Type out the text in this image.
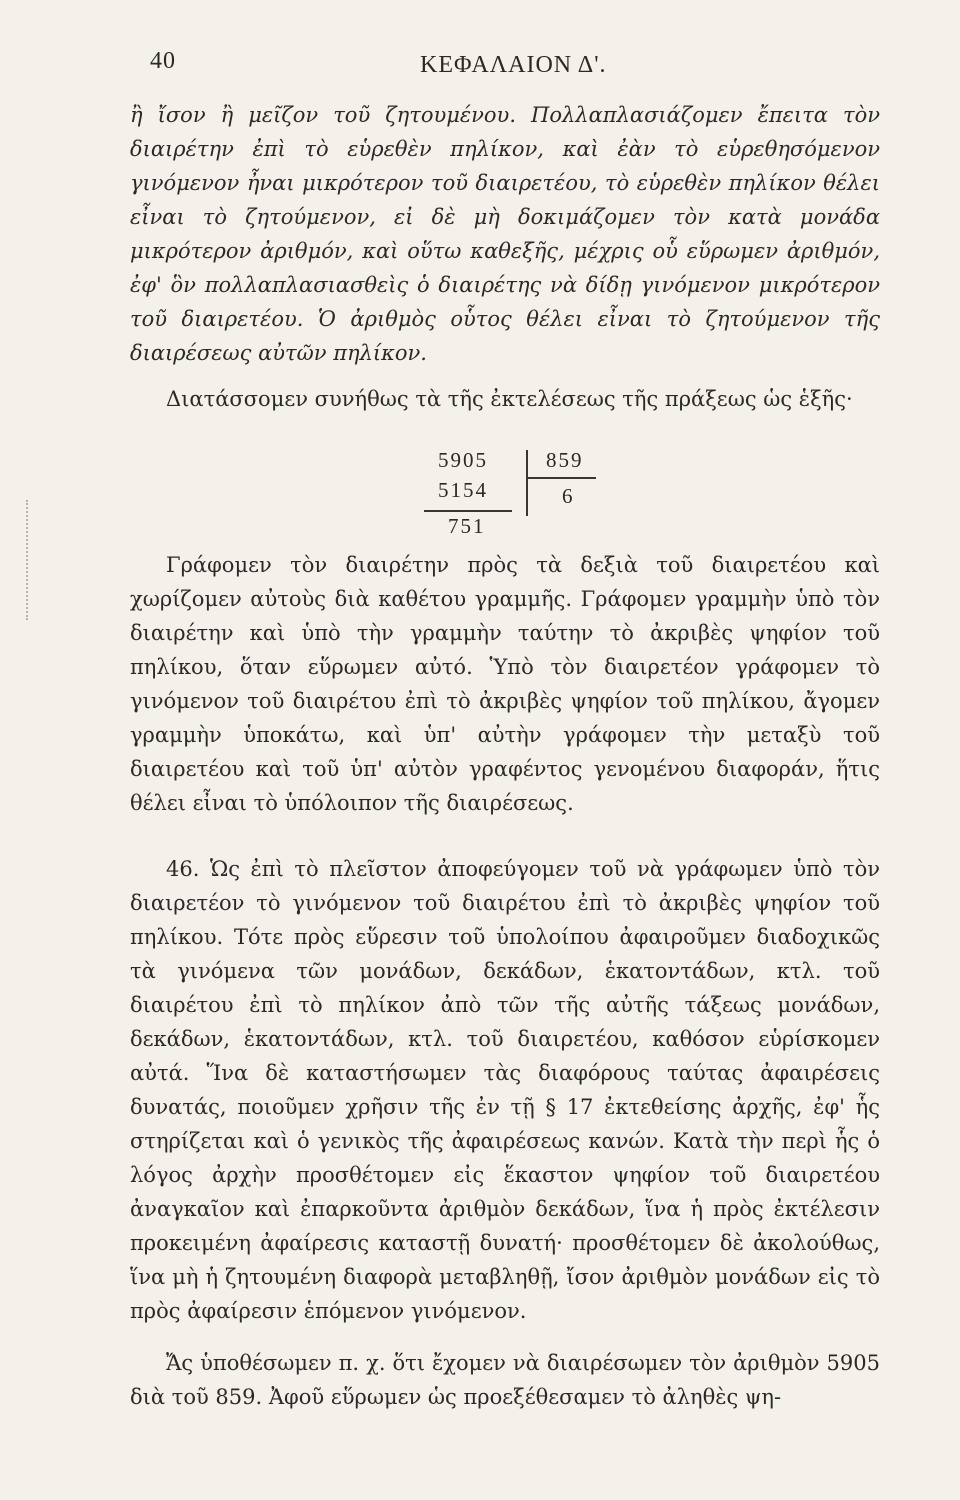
40	ΚΕΦΑΛΑΙΟΝ Δ'.

ἢ ἴσον ἢ μεῖζον τοῦ ζητουμένου. Πολλαπλασιάζομεν ἔπειτα τὸν διαιρέτην ἐπὶ τὸ εὑρεθὲν πηλίκον, καὶ ἐὰν τὸ εὑρεθησόμενον γινόμενον ἦναι μικρότερον τοῦ διαιρετέου, τὸ εὑρεθὲν πηλίκον θέλει εἶναι τὸ ζητούμενον, εἰ δὲ μὴ δοκιμάζομεν τὸν κατὰ μονάδα μικρότερον ἀριθμόν, καὶ οὕτω καθεξῆς, μέχρις οὗ εὕρωμεν ἀριθμόν, ἐφ' ὃν πολλαπλασιασθεὶς ὁ διαιρέτης νὰ δίδῃ γινόμενον μικρότερον τοῦ διαιρετέου. Ὁ ἀριθμὸς οὗτος θέλει εἶναι τὸ ζητούμενον τῆς διαιρέσεως αὐτῶν πηλίκον.

Διατάσσομεν συνήθως τὰ τῆς ἐκτελέσεως τῆς πράξεως ὡς ἑξῆς·

5905
5154
751
859
6

Γράφομεν τὸν διαιρέτην πρὸς τὰ δεξιὰ τοῦ διαιρετέου καὶ χωρίζομεν αὐτοὺς διὰ καθέτου γραμμῆς. Γράφομεν γραμμὴν ὑπὸ τὸν διαιρέτην καὶ ὑπὸ τὴν γραμμὴν ταύτην τὸ ἀκριβὲς ψηφίον τοῦ πηλίκου, ὅταν εὕρωμεν αὐτό. Ὑπὸ τὸν διαιρετέον γράφομεν τὸ γινόμενον τοῦ διαιρέτου ἐπὶ τὸ ἀκριβὲς ψηφίον τοῦ πηλίκου, ἄγομεν γραμμὴν ὑποκάτω, καὶ ὑπ' αὐτὴν γράφομεν τὴν μεταξὺ τοῦ διαιρετέου καὶ τοῦ ὑπ' αὐτὸν γραφέντος γενομένου διαφοράν, ἥτις θέλει εἶναι τὸ ὑπόλοιπον τῆς διαιρέσεως.

46. Ὡς ἐπὶ τὸ πλεῖστον ἀποφεύγομεν τοῦ νὰ γράφωμεν ὑπὸ τὸν διαιρετέον τὸ γινόμενον τοῦ διαιρέτου ἐπὶ τὸ ἀκριβὲς ψηφίον τοῦ πηλίκου. Τότε πρὸς εὕρεσιν τοῦ ὑπολοίπου ἀφαιροῦμεν διαδοχικῶς τὰ γινόμενα τῶν μονάδων, δεκάδων, ἑκατοντάδων, κτλ. τοῦ διαιρέτου ἐπὶ τὸ πηλίκον ἀπὸ τῶν τῆς αὐτῆς τάξεως μονάδων, δεκάδων, ἑκατοντάδων, κτλ. τοῦ διαιρετέου, καθόσον εὑρίσκομεν αὐτά. Ἵνα δὲ καταστήσωμεν τὰς διαφόρους ταύτας ἀφαιρέσεις δυνατάς, ποιοῦμεν χρῆσιν τῆς ἐν τῇ § 17 ἐκτεθείσης ἀρχῆς, ἐφ' ἧς στηρίζεται καὶ ὁ γενικὸς τῆς ἀφαιρέσεως κανών. Κατὰ τὴν περὶ ἧς ὁ λόγος ἀρχὴν προσθέτομεν εἰς ἕκαστον ψηφίον τοῦ διαιρετέου ἀναγκαῖον καὶ ἐπαρκοῦντα ἀριθμὸν δεκάδων, ἵνα ἡ πρὸς ἐκτέλεσιν προκειμένη ἀφαίρεσις καταστῇ δυνατή· προσθέτομεν δὲ ἀκολούθως, ἵνα μὴ ἡ ζητουμένη διαφορὰ μεταβληθῇ, ἴσον ἀριθμὸν μονάδων εἰς τὸ πρὸς ἀφαίρεσιν ἑπόμενον γινόμενον.

Ἄς ὑποθέσωμεν π. χ. ὅτι ἔχομεν νὰ διαιρέσωμεν τὸν ἀριθμὸν 5905 διὰ τοῦ 859. Ἀφοῦ εὕρωμεν ὡς προεξέθεσαμεν τὸ ἀληθὲς ψη-
